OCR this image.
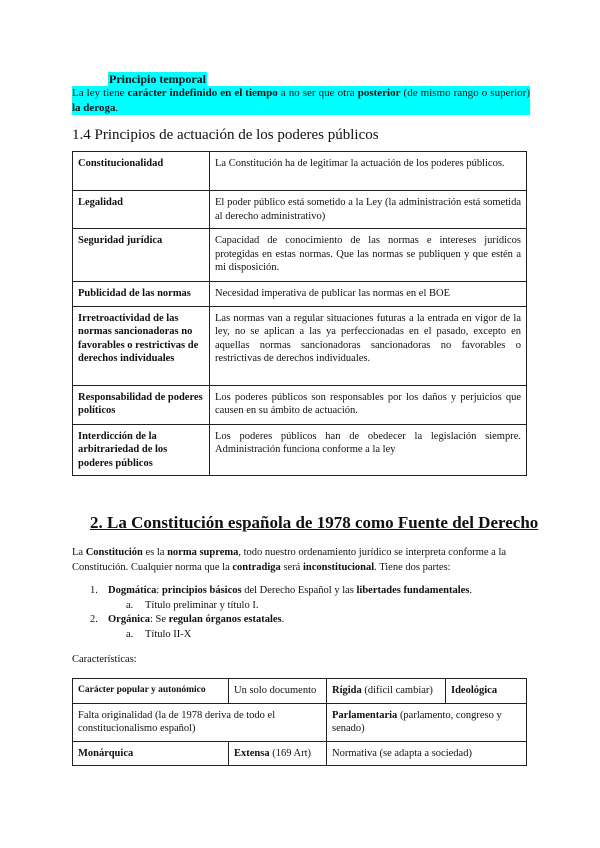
Principio temporal
La ley tiene carácter indefinido en el tiempo a no ser que otra posterior (de mismo rango o superior) la deroga.
1.4 Principios de actuación de los poderes públicos
Constitucionalidad	La Constitución ha de legitimar la actuación de los poderes públicos.
Legalidad	El poder público está sometido a la Ley (la administración está sometida al derecho administrativo)
Seguridad jurídica	Capacidad de conocimiento de las normas e intereses jurídicos protegidas en estas normas. Que las normas se publiquen y que estén a mi disposición.
Publicidad de las normas	Necesidad imperativa de publicar las normas en el BOE
Irretroactividad de las normas sancionadoras no favorables o restrictivas de derechos individuales	Las normas van a regular situaciones futuras a la entrada en vigor de la ley, no se aplican a las ya perfeccionadas en el pasado, excepto en aquellas normas sancionadoras sancionadoras no favorables o restrictivas de derechos individuales.
Responsabilidad de poderes políticos	Los poderes públicos son responsables por los daños y perjuicios que causen en su ámbito de actuación.
Interdicción de la arbitrariedad de los poderes públicos	Los poderes públicos han de obedecer la legislación siempre. Administración funciona conforme a la ley
2. La Constitución española de 1978 como Fuente del Derecho
La Constitución es la norma suprema, todo nuestro ordenamiento jurídico se interpreta conforme a la Constitución. Cualquier norma que la contradiga será inconstitucional. Tiene dos partes:
1. Dogmática: principios básicos del Derecho Español y las libertades fundamentales.
a. Título preliminar y título I.
2. Orgánica: Se regulan órganos estatales.
a. Título II-X
Características:
Carácter popular y autonómico	Un solo documento	Rígida (difícil cambiar)	Ideológica
Falta originalidad (la de 1978 deriva de todo el constitucionalismo español)		Parlamentaria (parlamento, congreso y senado)	
Monárquica	Extensa (169 Art)	Normativa (se adapta a sociedad)	
